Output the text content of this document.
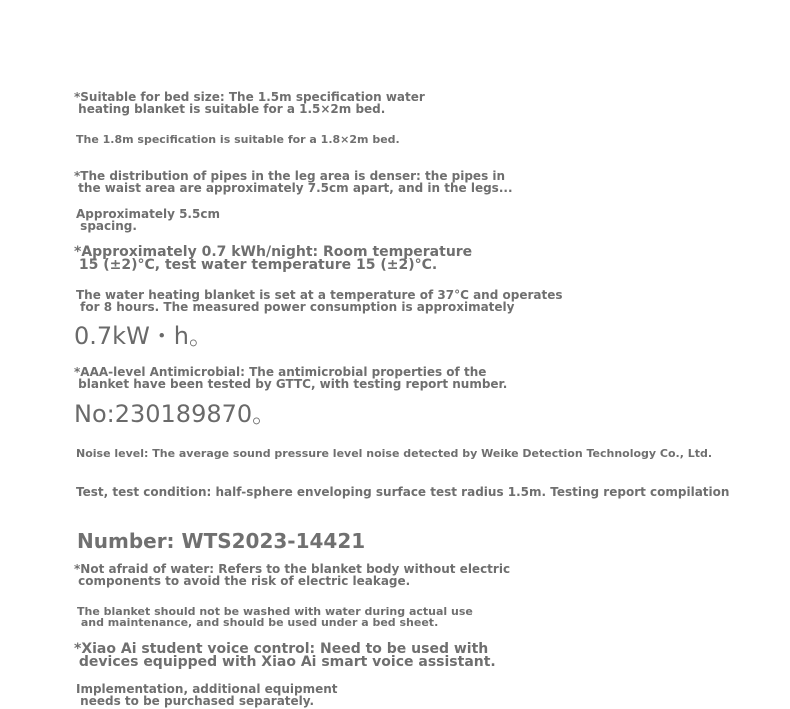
*Suitable for bed size: The 1.5m specification water
heating blanket is suitable for a 1.5×2m bed.
The 1.8m specification is suitable for a 1.8×2m bed.
*The distribution of pipes in the leg area is denser: the pipes in
the waist area are approximately 7.5cm apart, and in the legs...
Approximately 5.5cm
spacing.
*Approximately 0.7 kWh/night: Room temperature
15 (±2)°C, test water temperature 15 (±2)°C.
The water heating blanket is set at a temperature of 37°C and operates
for 8 hours. The measured power consumption is approximately
0.7kW・h。
*AAA-level Antimicrobial: The antimicrobial properties of the
blanket have been tested by GTTC, with testing report number.
No:230189870。
Noise level: The average sound pressure level noise detected by Weike Detection Technology Co., Ltd.
Test, test condition: half-sphere enveloping surface test radius 1.5m. Testing report compilation
Number: WTS2023-14421
*Not afraid of water: Refers to the blanket body without electric
components to avoid the risk of electric leakage.
The blanket should not be washed with water during actual use
and maintenance, and should be used under a bed sheet.
*Xiao Ai student voice control: Need to be used with
devices equipped with Xiao Ai smart voice assistant.
Implementation, additional equipment
needs to be purchased separately.
